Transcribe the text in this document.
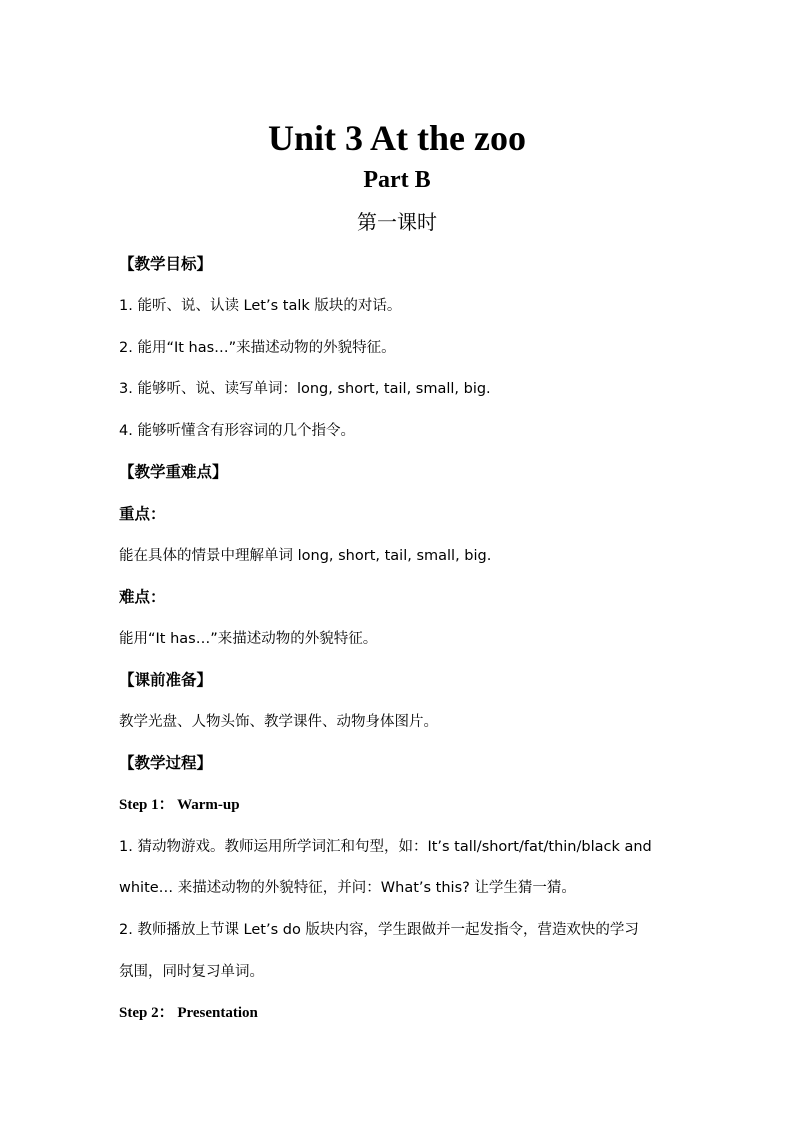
Unit 3 At the zoo
Part B
第一课时
【教学目标】
1. 能听、说、认读 Let’s talk 版块的对话。
2. 能用“It has…”来描述动物的外貌特征。
3. 能够听、说、读写单词：long, short, tail, small, big.
4. 能够听懂含有形容词的几个指令。
【教学重难点】
重点：
能在具体的情景中理解单词 long, short, tail, small, big.
难点：
能用“It has…”来描述动物的外貌特征。
【课前准备】
教学光盘、人物头饰、教学课件、动物身体图片。
【教学过程】
Step 1： Warm-up
1. 猜动物游戏。教师运用所学词汇和句型，如：It’s tall/short/fat/thin/black and
white… 来描述动物的外貌特征，并问：What’s this? 让学生猜一猜。
2. 教师播放上节课 Let’s do 版块内容，学生跟做并一起发指令，营造欢快的学习
氛围，同时复习单词。
Step 2： Presentation
